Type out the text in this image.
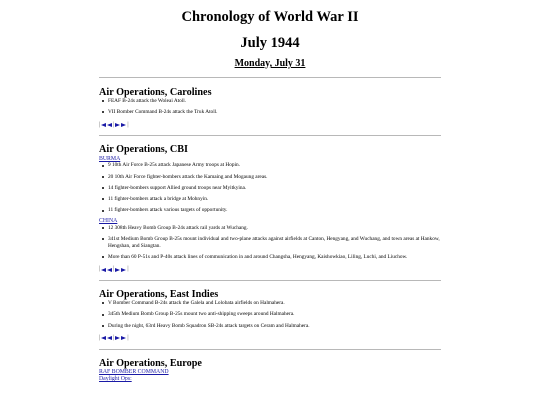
Chronology of World War II
July 1944
Monday, July 31
Air Operations, Carolines
FEAF B-24s attack the Woleai Atoll.
VII Bomber Command B-24s attack the Truk Atoll.
| | |
Air Operations, CBI
BURMA
9 10th Air Force B-25s attack Japanese Army troops at Hopin.
20 10th Air Force fighter-bombers attack the Kamaing and Mogaung areas.
14 fighter-bombers support Allied ground troops near Myitkyina.
11 fighter-bombers attack a bridge at Mohnyin.
11 fighter-bombers attack various targets of opportunity.
CHINA
12 308th Heavy Bomb Group B-24s attack rail yards at Wuchang.
341st Medium Bomb Group B-25s mount individual and two-plane attacks against airfields at Canton, Hengyang, and Wuchang, and town areas at Hankow, Hengshan, and Siangtan.
More than 60 P-51s and P-40s attack lines of communication in and around Changsha, Hengyang, Kaishowkiao, Liling, Luchi, and Liuchow.
| | |
Air Operations, East Indies
V Bomber Command B-24s attack the Galela and Lolobata airfields on Halmahera.
345th Medium Bomb Group B-25s mount two anti-shipping sweeps around Halmahera.
During the night, 63rd Heavy Bomb Squadron SB-24s attack targets on Ceram and Halmahera.
| | |
Air Operations, Europe
RAF BOMBER COMMAND
Daylight Ops:
